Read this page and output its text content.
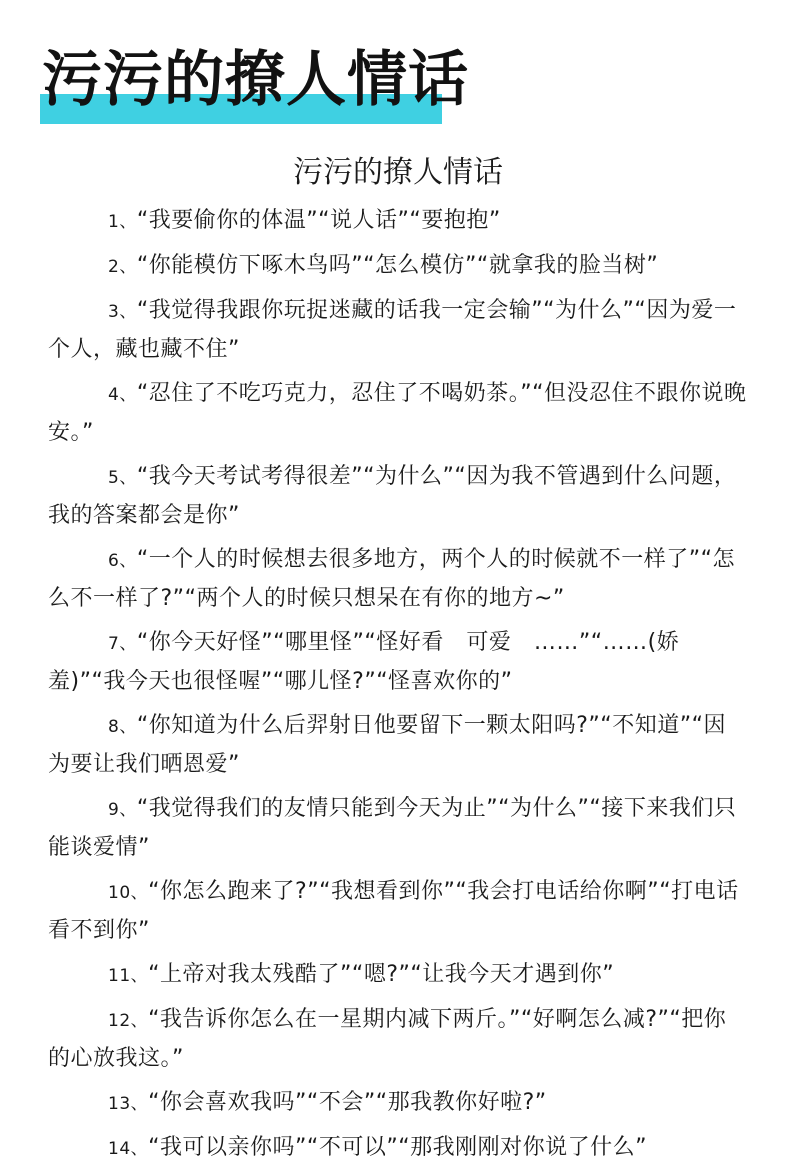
污污的撩人情话
污污的撩人情话

1、“我要偷你的体温”“说人话”“要抱抱”

2、“你能模仿下啄木鸟吗”“怎么模仿”“就拿我的脸当树”

3、“我觉得我跟你玩捉迷藏的话我一定会输”“为什么”“因为爱一个人，藏也藏不住”

4、“忍住了不吃巧克力，忍住了不喝奶茶。”“但没忍住不跟你说晚安。”

5、“我今天考试考得很差”“为什么”“因为我不管遇到什么问题，我的答案都会是你”

6、“一个人的时候想去很多地方，两个人的时候就不一样了”“怎么不一样了?”“两个人的时候只想呆在有你的地方~”

7、“你今天好怪”“哪里怪”“怪好看　可爱　……”“……(娇羞)”“我今天也很怪喔”“哪儿怪?”“怪喜欢你的”

8、“你知道为什么后羿射日他要留下一颗太阳吗?”“不知道”“因为要让我们晒恩爱”

9、“我觉得我们的友情只能到今天为止”“为什么”“接下来我们只能谈爱情”

10、“你怎么跑来了?”“我想看到你”“我会打电话给你啊”“打电话看不到你”

11、“上帝对我太残酷了”“嗯?”“让我今天才遇到你”

12、“我告诉你怎么在一星期内减下两斤。”“好啊怎么减?”“把你的心放我这。”

13、“你会喜欢我吗”“不会”“那我教你好啦?”

14、“我可以亲你吗”“不可以”“那我刚刚对你说了什么”
